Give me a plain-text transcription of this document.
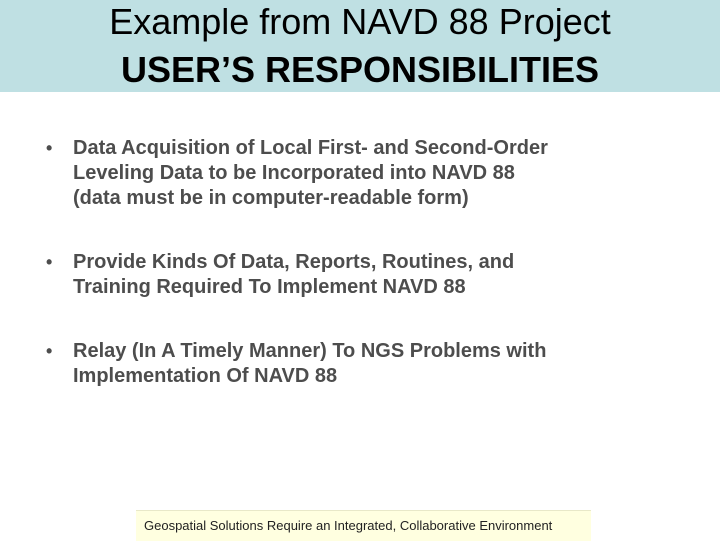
Example from NAVD 88 Project
USER’S RESPONSIBILITIES
• Data Acquisition of Local First- and Second-Order
Leveling Data to be Incorporated into NAVD 88
(data must be in computer-readable form)
• Provide Kinds Of Data, Reports, Routines, and
Training Required To Implement NAVD 88
• Relay (In A Timely Manner) To NGS Problems with
Implementation Of NAVD 88
Geospatial Solutions Require an Integrated, Collaborative Environment
